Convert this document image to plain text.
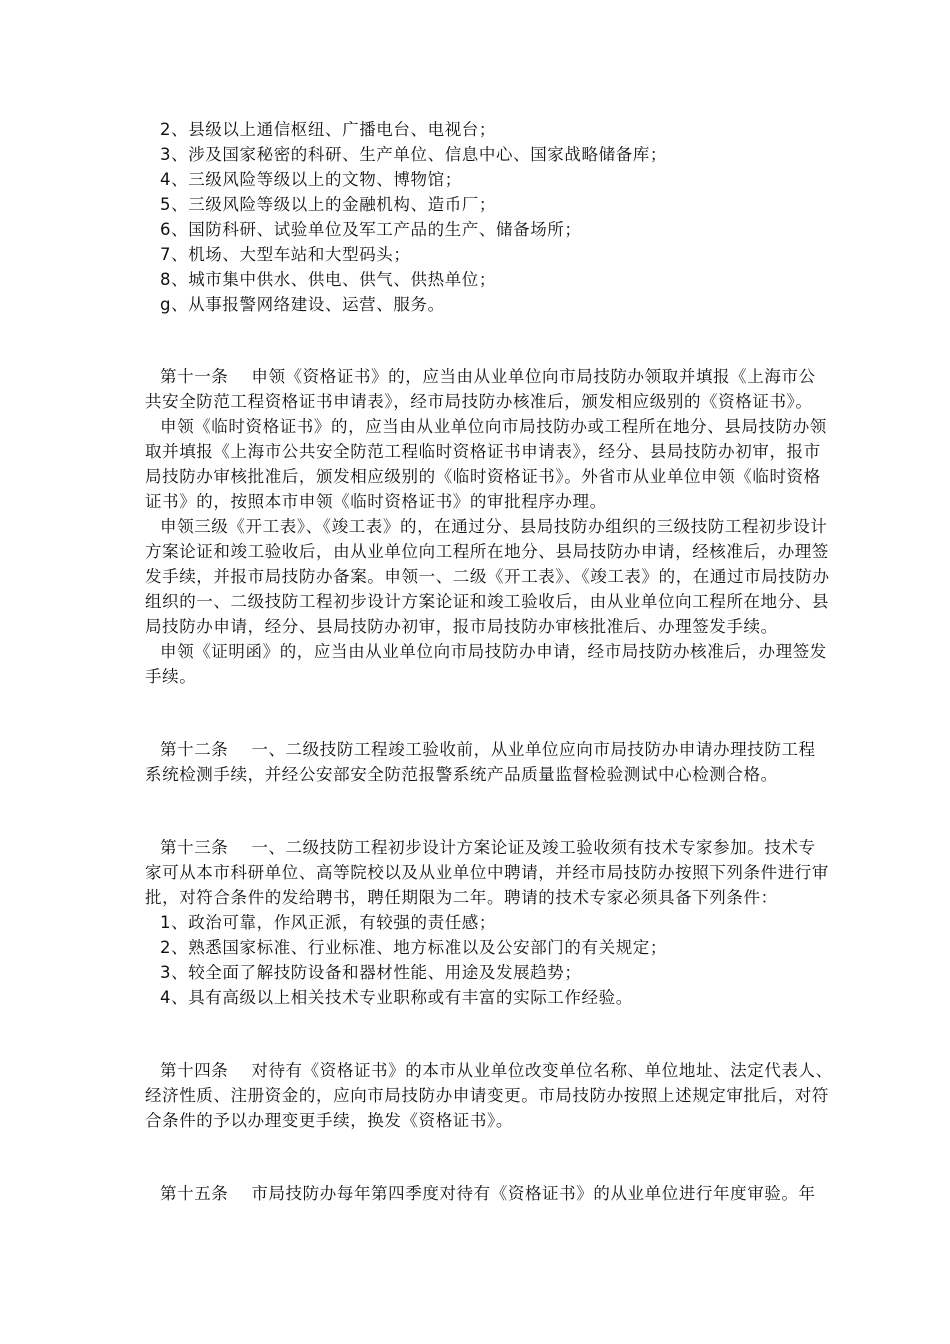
2、县级以上通信枢纽、广播电台、电视台；
3、涉及国家秘密的科研、生产单位、信息中心、国家战略储备库；
4、三级风险等级以上的文物、博物馆；
5、三级风险等级以上的金融机构、造币厂；
6、国防科研、试验单位及军工产品的生产、储备场所；
7、机场、大型车站和大型码头；
8、城市集中供水、供电、供气、供热单位；
g、从事报警网络建设、运营、服务。
第十一条　 申领《资格证书》的，应当由从业单位向市局技防办领取并填报《上海市公
共安全防范工程资格证书申请表》，经市局技防办核准后，颁发相应级别的《资格证书》。
申领《临时资格证书》的，应当由从业单位向市局技防办或工程所在地分、县局技防办领
取并填报《上海市公共安全防范工程临时资格证书申请表》，经分、县局技防办初审，报市
局技防办审核批准后，颁发相应级别的《临时资格证书》。外省市从业单位申领《临时资格
证书》的，按照本市申领《临时资格证书》的审批程序办理。
申领三级《开工表》、《竣工表》的，在通过分、县局技防办组织的三级技防工程初步设计
方案论证和竣工验收后，由从业单位向工程所在地分、县局技防办申请，经核准后，办理签
发手续，并报市局技防办备案。申领一、二级《开工表》、《竣工表》的，在通过市局技防办
组织的一、二级技防工程初步设计方案论证和竣工验收后，由从业单位向工程所在地分、县
局技防办申请，经分、县局技防办初审，报市局技防办审核批准后、办理签发手续。
申领《证明函》的，应当由从业单位向市局技防办申请，经市局技防办核准后，办理签发
手续。
第十二条　 一、二级技防工程竣工验收前，从业单位应向市局技防办申请办理技防工程
系统检测手续，并经公安部安全防范报警系统产品质量监督检验测试中心检测合格。
第十三条　 一、二级技防工程初步设计方案论证及竣工验收须有技术专家参加。技术专
家可从本市科研单位、高等院校以及从业单位中聘请，并经市局技防办按照下列条件进行审
批，对符合条件的发给聘书，聘任期限为二年。聘请的技术专家必须具备下列条件：
1、政治可靠，作风正派，有较强的责任感；
2、熟悉国家标准、行业标准、地方标准以及公安部门的有关规定；
3、较全面了解技防设备和器材性能、用途及发展趋势；
4、具有高级以上相关技术专业职称或有丰富的实际工作经验。
第十四条　 对待有《资格证书》的本市从业单位改变单位名称、单位地址、法定代表人、
经济性质、注册资金的，应向市局技防办申请变更。市局技防办按照上述规定审批后，对符
合条件的予以办理变更手续，换发《资格证书》。
第十五条　 市局技防办每年第四季度对待有《资格证书》的从业单位进行年度审验。年
